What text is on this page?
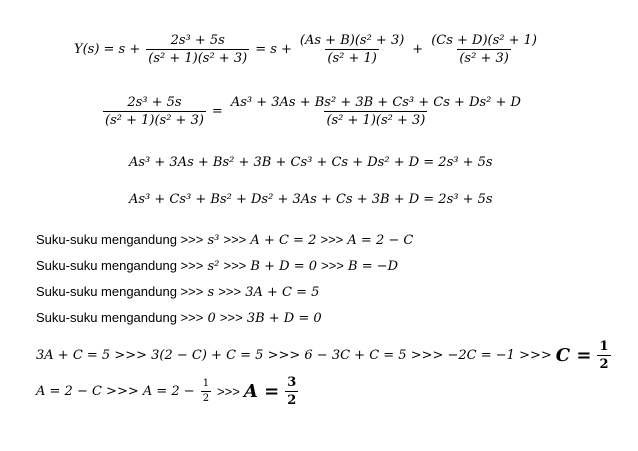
$Y(s) = s + \frac{\text{2s³ + 5s}}{\text{(s² + 1)(s² + 3)}} = s + \frac{\text{(As + B)(s² + 3)}}{\text{(s² + 1)}} + \frac{\text{(Cs + D)(s² + 1)}}{\text{(s² + 3)}}$
$\frac{\text{2s³ + 5s}}{\text{(s² + 1)(s² + 3)}} = \frac{\text{As³ + 3As + Bs² + 3B + Cs³ + Cs + Ds² + D}}{\text{(s² + 1)(s² + 3)}}$
As³ + 3As + Bs² + 3B + Cs³ + Cs + Ds² + D = 2s³ + 5s
As³ + Cs³ + Bs² + Ds² + 3As + Cs + 3B + D = 2s³ + 5s
Suku-suku mengandung >>> s³ >>> A + C = 2 >>> A = 2 − C
Suku-suku mengandung >>> s² >>> B + D = 0 >>> B = −D
Suku-suku mengandung >>> s >>> 3A + C = 5
Suku-suku mengandung >>> 0 >>> 3B + D = 0
3A + C = 5 >>> 3(2 − C) + C = 5 >>> 6 − 3C + C = 5 >>> −2C = −1 >>> $C = \frac{1}{2}$
A = 2 − C >>> $A = 2 - \frac{1}{2}$ >>> $A = \frac{3}{2}$
